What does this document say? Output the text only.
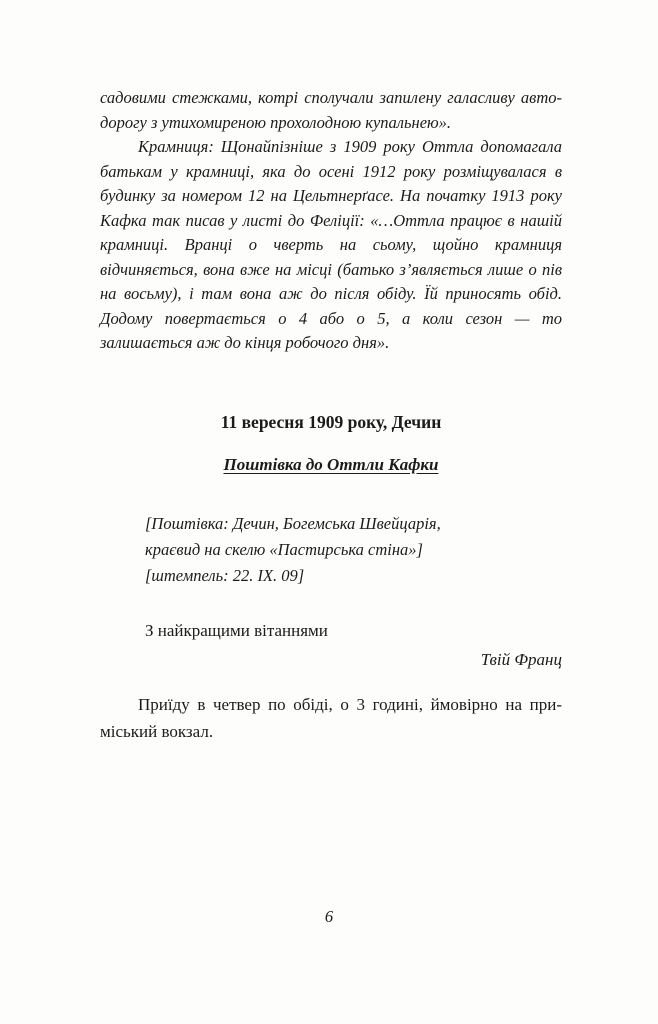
садовими стежками, котрі сполучали запилену галасливу автодорогу з утихомиреною прохолодною купальнею».

Крамниця: Щонайпізніше з 1909 року Оттла допомагала батькам у крамниці, яка до осені 1912 року розміщувалася в будинку за номером 12 на Цельтнерґасе. На початку 1913 року Кафка так писав у листі до Феліції: «…Оттла працює в нашій крамниці. Вранці о чверть на сьому, щойно крамниця відчиняється, вона вже на місці (батько з’являється лише о пів на восьму), і там вона аж до після обіду. Їй приносять обід. Додому повертається о 4 або о 5, а коли сезон — то залишається аж до кінця робочого дня».

11 вересня 1909 року, Дечин
Поштівка до Оттли Кафки
[Поштівка: Дечин, Богемська Швейцарія,
краєвид на скелю «Пастирська стіна»]
[штемпель: 22. IX. 09]
З найкращими вітаннями
Твій Франц

Приїду в четвер по обіді, о 3 годині, ймовірно на приміський вокзал.

6
